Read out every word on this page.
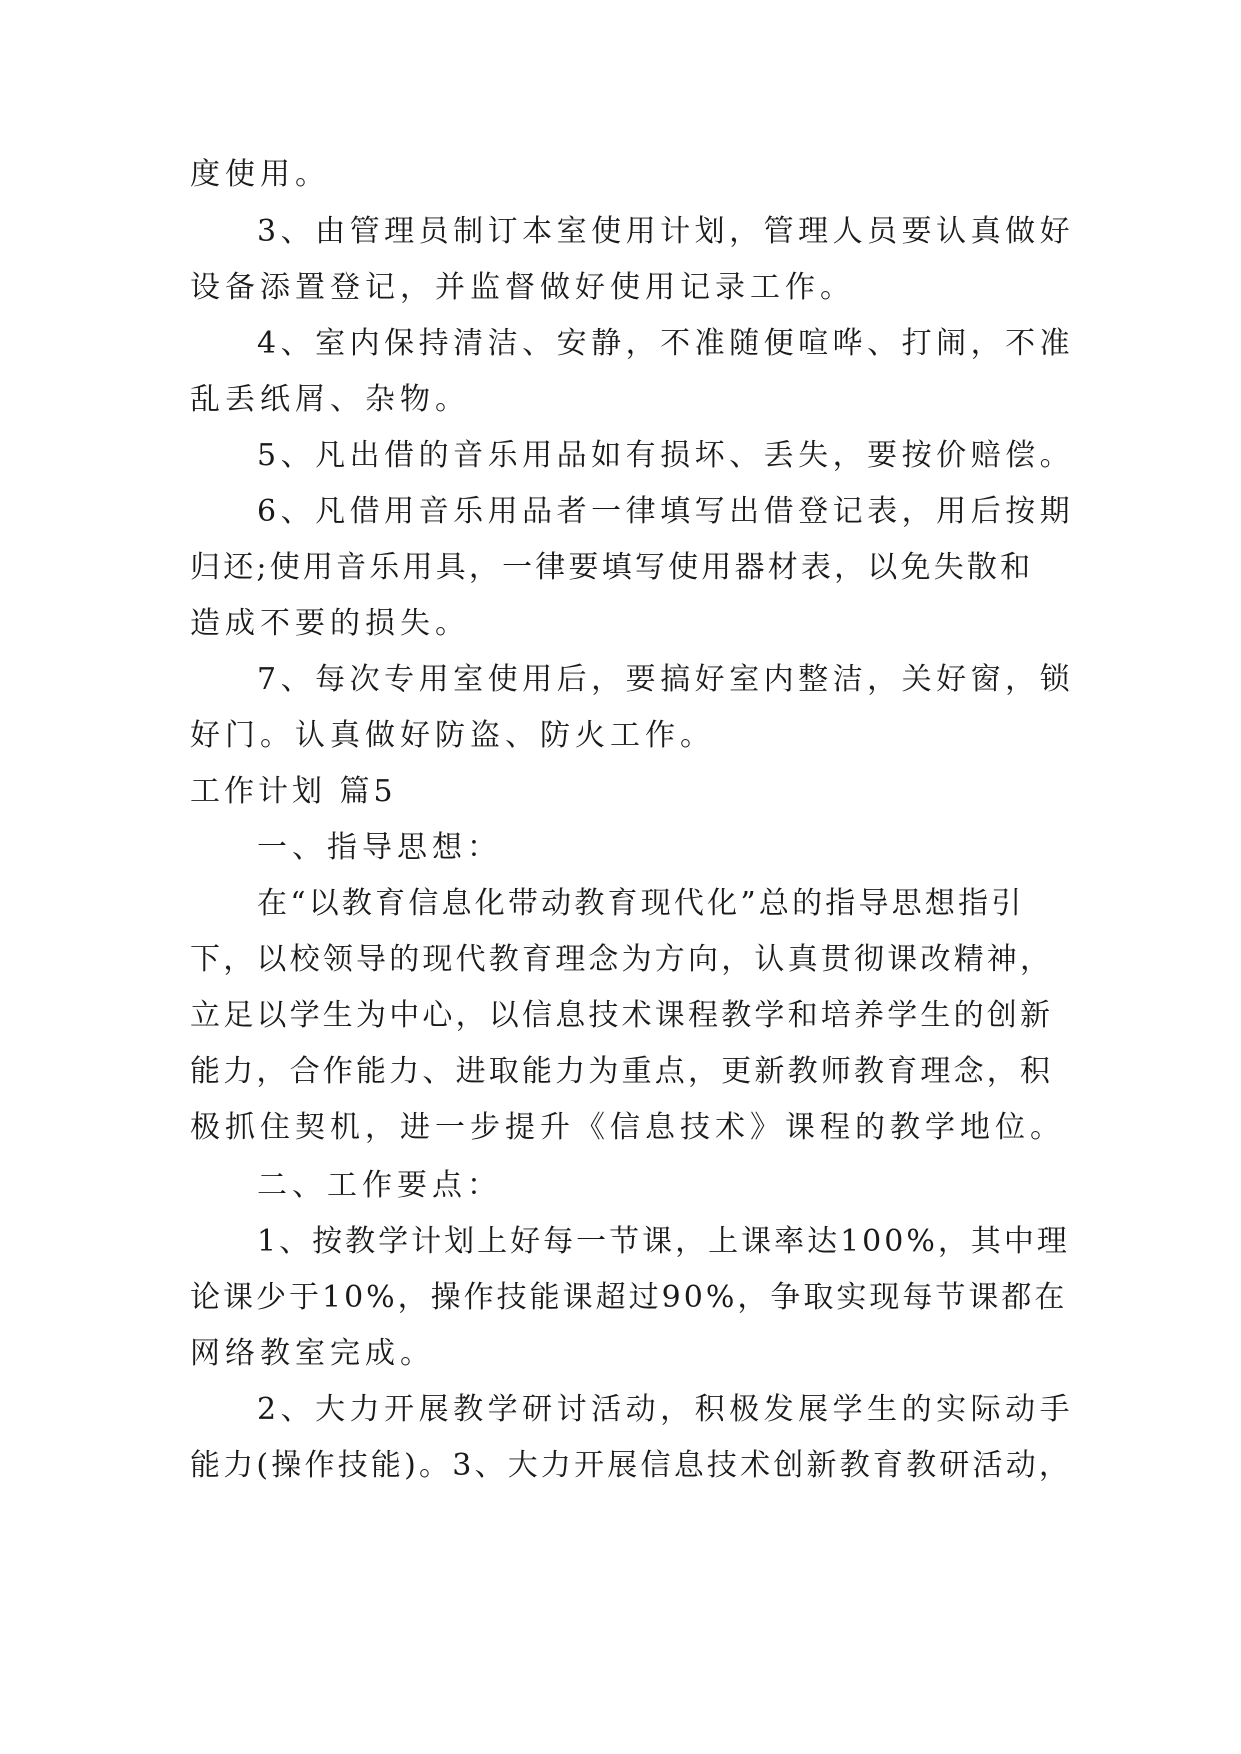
度使用。
3、由管理员制订本室使用计划，管理人员要认真做好
设备添置登记，并监督做好使用记录工作。
4、室内保持清洁、安静，不准随便喧哗、打闹，不准
乱丢纸屑、杂物。
5、凡出借的音乐用品如有损坏、丢失，要按价赔偿。
6、凡借用音乐用品者一律填写出借登记表，用后按期
归还;使用音乐用具，一律要填写使用器材表，以免失散和
造成不要的损失。
7、每次专用室使用后，要搞好室内整洁，关好窗，锁
好门。认真做好防盗、防火工作。
工作计划 篇5
一、指导思想：
在“以教育信息化带动教育现代化”总的指导思想指引
下，以校领导的现代教育理念为方向，认真贯彻课改精神，
立足以学生为中心，以信息技术课程教学和培养学生的创新
能力，合作能力、进取能力为重点，更新教师教育理念，积
极抓住契机，进一步提升《信息技术》课程的教学地位。
二、工作要点：
1、按教学计划上好每一节课，上课率达100%，其中理
论课少于10%，操作技能课超过90%，争取实现每节课都在
网络教室完成。
2、大力开展教学研讨活动，积极发展学生的实际动手
能力(操作技能)。3、大力开展信息技术创新教育教研活动，
